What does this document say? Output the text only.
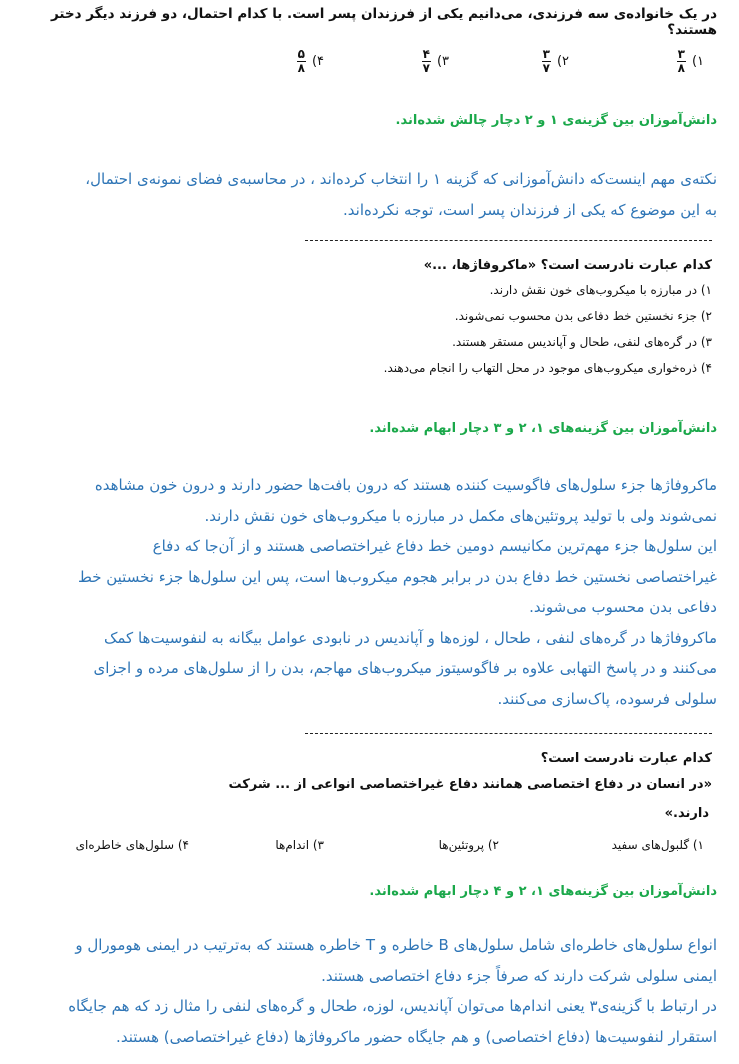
در یک خانواده‌ی سه فرزندی، می‌دانیم یکی از فرزندان پسر است. با کدام احتمال، دو فرزند دیگر دختر هستند؟
۱)
$\frac{۳}{۸}$
۲)
$\frac{۳}{۷}$
۳)
$\frac{۴}{۷}$
۴)
$\frac{۵}{۸}$
دانش‌آموزان بین گزینه‌ی ۱ و ۲ دچار چالش شده‌اند.
نکته‌ی مهم اینست‌که دانش‌آموزانی که گزینه ۱ را انتخاب کرده‌اند ، در محاسبه‌ی فضای نمونه‌ی احتمال،
به این موضوع که یکی از فرزندان پسر است، توجه نکرده‌اند.
کدام عبارت نادرست است؟ «ماکروفاژها، ...»
۱) در مبارزه با میکروب‌های خون نقش دارند.
۲) جزء نخستین خط دفاعی بدن محسوب نمی‌شوند.
۳) در گره‌های لنفی، طحال و آپاندیس مستقر هستند.
۴) ذره‌خواری میکروب‌های موجود در محل التهاب را انجام می‌دهند.
دانش‌آموزان بین گزینه‌های ۱، ۲ و ۳ دچار ابهام شده‌اند.
ماکروفاژها جزء سلول‌های فاگوسیت کننده هستند که درون بافت‌ها حضور دارند و درون خون مشاهده
نمی‌شوند ولی با تولید پروتئین‌های مکمل در مبارزه با میکروب‌های خون نقش دارند.
این سلول‌ها جزء مهم‌ترین مکانیسم دومین خط دفاع غیراختصاصی هستند و از آن‌جا که دفاع
غیراختصاصی نخستین خط دفاع بدن در برابر هجوم میکروب‌ها است، پس این سلول‌ها جزء نخستین خط
دفاعی بدن محسوب می‌شوند.
ماکروفاژها در گره‌های لنفی ، طحال ، لوزه‌ها و آپاندیس در نابودی عوامل بیگانه به لنفوسیت‌ها کمک
می‌کنند و در پاسخ التهابی علاوه بر فاگوسیتوز میکروب‌های مهاجم، بدن را از سلول‌های مرده و اجزای
سلولی فرسوده، پاک‌سازی می‌کنند.
کدام عبارت نادرست است؟
«در انسان در دفاع اختصاصی همانند دفاع غیراختصاصی انواعی از ... شرکت
دارند.»
۱) گلبول‌های سفید
۲) پروتئین‌ها
۳) اندام‌ها
۴) سلول‌های خاطره‌ای
دانش‌آموزان بین گزینه‌های ۱، ۲ و ۴ دچار ابهام شده‌اند.
انواع سلول‌های خاطره‌ای شامل سلول‌های B خاطره و T خاطره هستند که به‌ترتیب در ایمنی هومورال و
ایمنی سلولی شرکت دارند که صرفاً جزء دفاع اختصاصی هستند.
در ارتباط با گزینه‌ی۳ یعنی اندام‌ها می‌توان آپاندیس، لوزه، طحال و گره‌های لنفی را مثال زد که هم جایگاه
استقرار لنفوسیت‌ها (دفاع اختصاصی) و هم جایگاه حضور ماکروفاژها (دفاع غیراختصاصی) هستند.
